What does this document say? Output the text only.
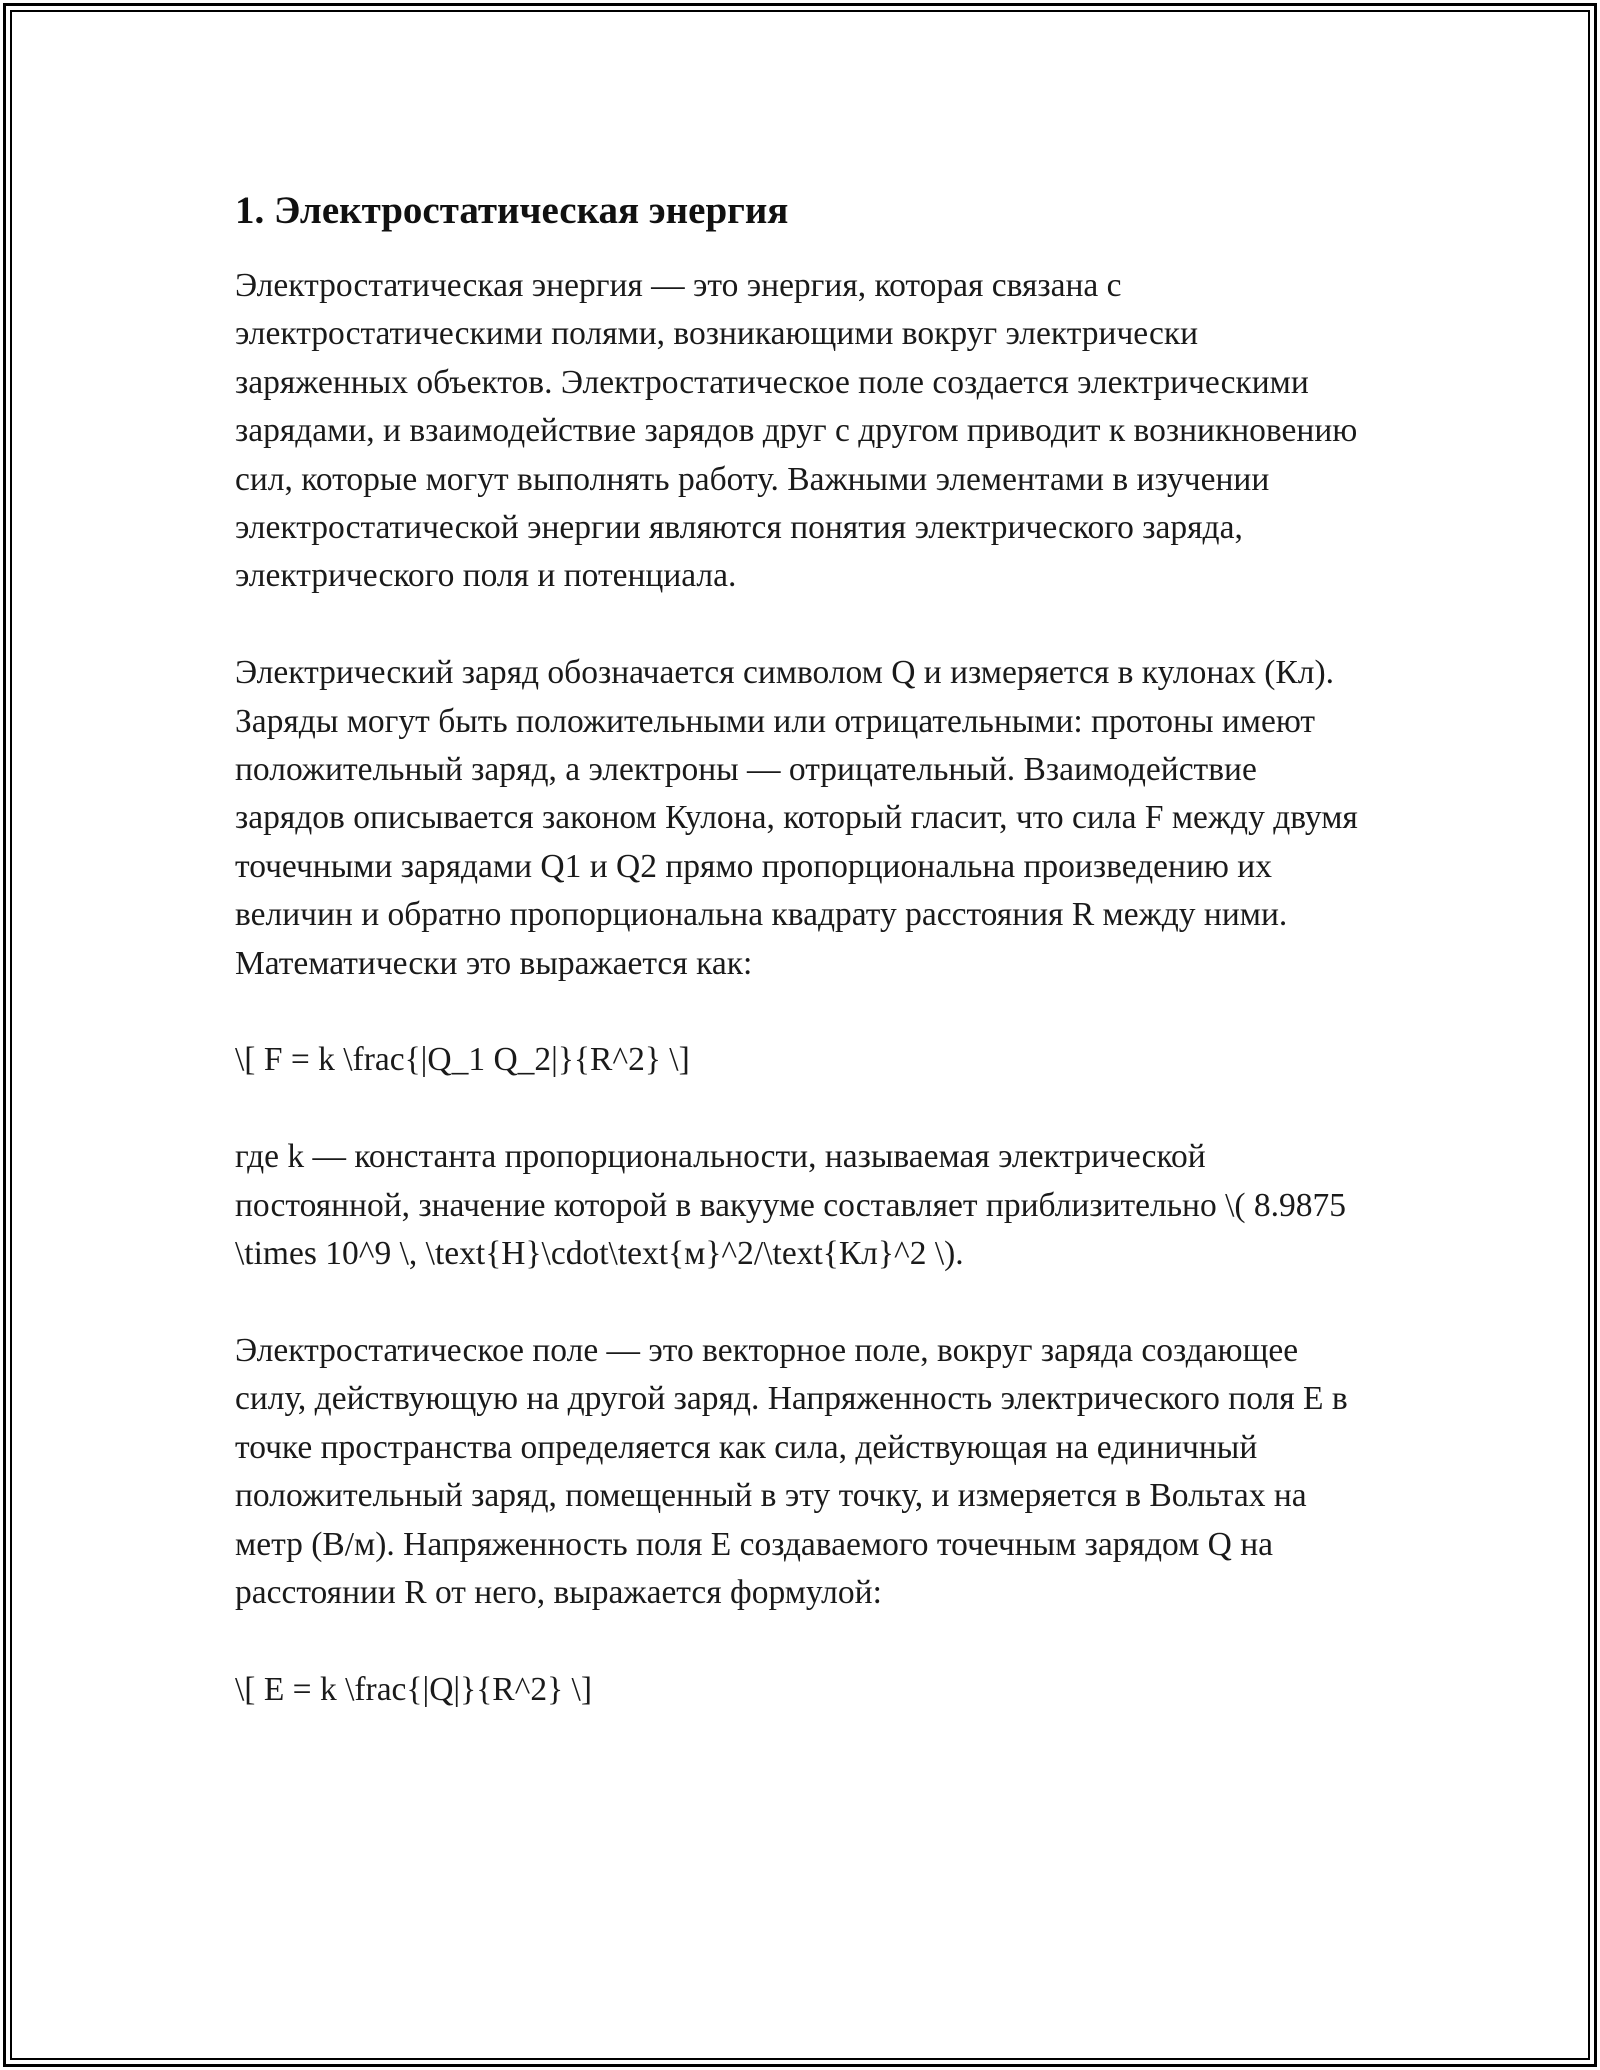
1. Электростатическая энергия

Электростатическая энергия — это энергия, которая связана с электростатическими полями, возникающими вокруг электрически заряженных объектов. Электростатическое поле создается электрическими зарядами, и взаимодействие зарядов друг с другом приводит к возникновению сил, которые могут выполнять работу. Важными элементами в изучении электростатической энергии являются понятия электрического заряда, электрического поля и потенциала.

Электрический заряд обозначается символом Q и измеряется в кулонах (Кл). Заряды могут быть положительными или отрицательными: протоны имеют положительный заряд, а электроны — отрицательный. Взаимодействие зарядов описывается законом Кулона, который гласит, что сила F между двумя точечными зарядами Q1 и Q2 прямо пропорциональна произведению их величин и обратно пропорциональна квадрату расстояния R между ними. Математически это выражается как:

\[ F = k \frac{|Q_1 Q_2|}{R^2} \]

где k — константа пропорциональности, называемая электрической постоянной, значение которой в вакууме составляет приблизительно \( 8.9875 \times 10^9 \, \text{Н}\cdot\text{м}^2/\text{Кл}^2 \).

Электростатическое поле — это векторное поле, вокруг заряда создающее силу, действующую на другой заряд. Напряженность электрического поля E в точке пространства определяется как сила, действующая на единичный положительный заряд, помещенный в эту точку, и измеряется в Вольтах на метр (В/м). Напряженность поля E создаваемого точечным зарядом Q на расстоянии R от него, выражается формулой:

\[ E = k \frac{|Q|}{R^2} \]
